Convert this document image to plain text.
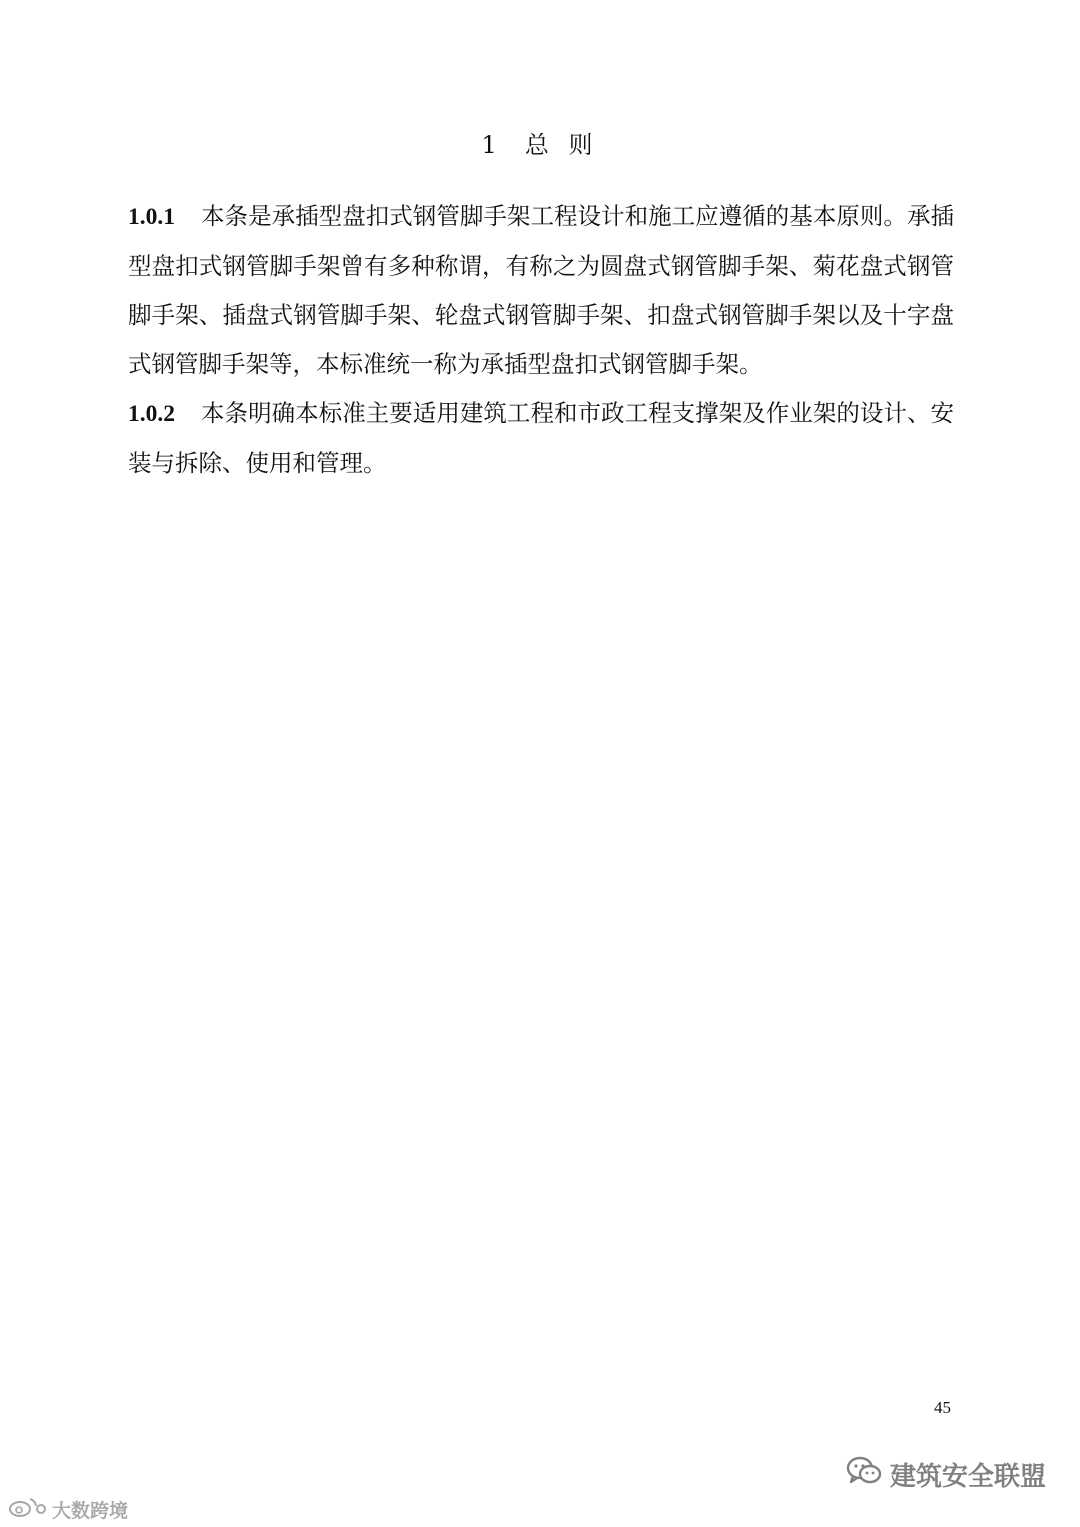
1 总 则

1.0.1 本条是承插型盘扣式钢管脚手架工程设计和施工应遵循的基本原则。承插型盘扣式钢管脚手架曾有多种称谓，有称之为圆盘式钢管脚手架、菊花盘式钢管脚手架、插盘式钢管脚手架、轮盘式钢管脚手架、扣盘式钢管脚手架以及十字盘式钢管脚手架等，本标准统一称为承插型盘扣式钢管脚手架。

1.0.2 本条明确本标准主要适用建筑工程和市政工程支撑架及作业架的设计、安装与拆除、使用和管理。

45
建筑安全联盟
大数跨境
